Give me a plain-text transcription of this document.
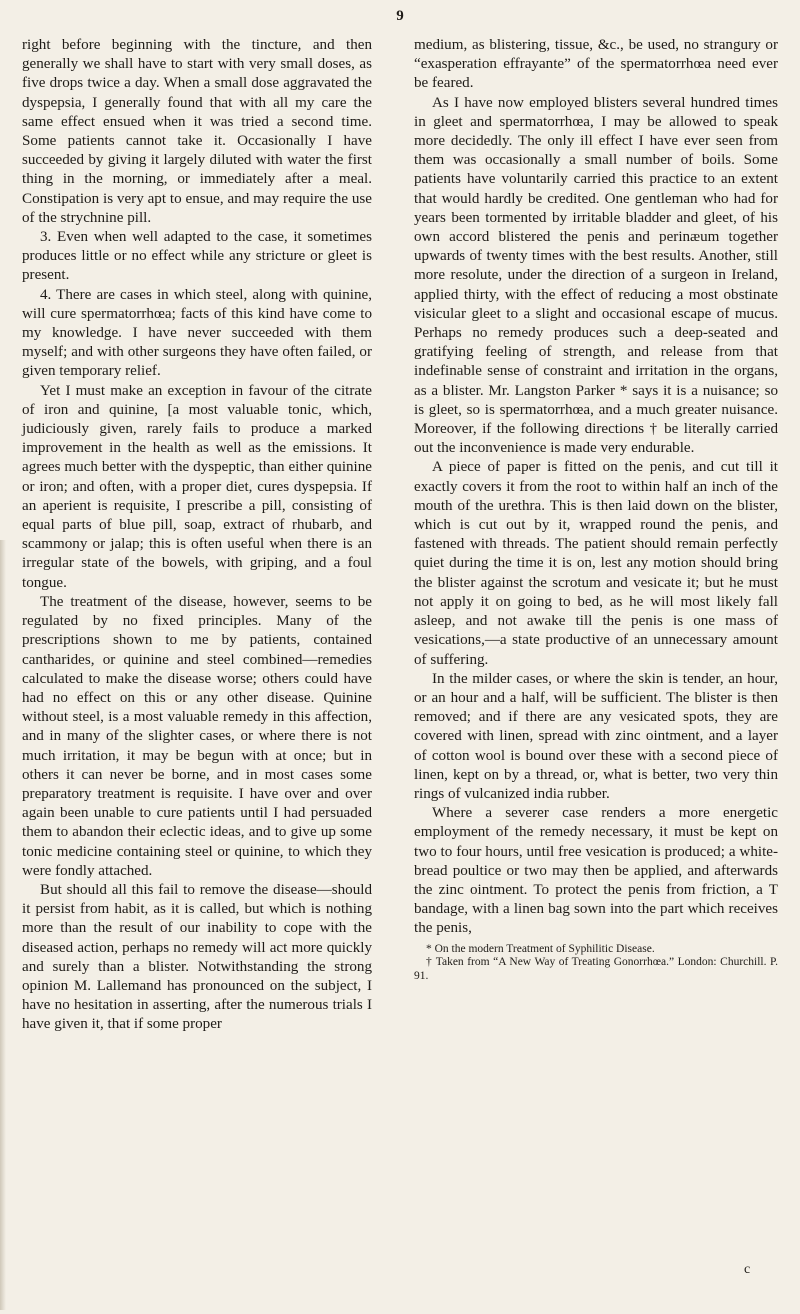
9

right before beginning with the tincture, and then generally we shall have to start with very small doses, as five drops twice a day. When a small dose aggravated the dyspepsia, I generally found that with all my care the same effect ensued when it was tried a second time. Some patients cannot take it. Occasionally I have succeeded by giving it largely diluted with water the first thing in the morning, or immediately after a meal. Constipation is very apt to ensue, and may require the use of the strychnine pill.

3. Even when well adapted to the case, it sometimes produces little or no effect while any stricture or gleet is present.

4. There are cases in which steel, along with quinine, will cure spermatorrhœa; facts of this kind have come to my knowledge. I have never succeeded with them myself; and with other surgeons they have often failed, or given temporary relief.

Yet I must make an exception in favour of the citrate of iron and quinine, [a most valuable tonic, which, judiciously given, rarely fails to produce a marked improvement in the health as well as the emissions. It agrees much better with the dyspeptic, than either quinine or iron; and often, with a proper diet, cures dyspepsia. If an aperient is requisite, I prescribe a pill, consisting of equal parts of blue pill, soap, extract of rhubarb, and scammony or jalap; this is often useful when there is an irregular state of the bowels, with griping, and a foul tongue.

The treatment of the disease, however, seems to be regulated by no fixed principles. Many of the prescriptions shown to me by patients, contained cantharides, or quinine and steel combined—remedies calculated to make the disease worse; others could have had no effect on this or any other disease. Quinine without steel, is a most valuable remedy in this affection, and in many of the slighter cases, or where there is not much irritation, it may be begun with at once; but in others it can never be borne, and in most cases some preparatory treatment is requisite. I have over and over again been unable to cure patients until I had persuaded them to abandon their eclectic ideas, and to give up some tonic medicine containing steel or quinine, to which they were fondly attached.

But should all this fail to remove the disease—should it persist from habit, as it is called, but which is nothing more than the result of our inability to cope with the diseased action, perhaps no remedy will act more quickly and surely than a blister. Notwithstanding the strong opinion M. Lallemand has pronounced on the subject, I have no hesitation in asserting, after the numerous trials I have given it, that if some proper

medium, as blistering, tissue, &c., be used, no strangury or “exasperation effrayante” of the spermatorrhœa need ever be feared.

As I have now employed blisters several hundred times in gleet and spermatorrhœa, I may be allowed to speak more decidedly. The only ill effect I have ever seen from them was occasionally a small number of boils. Some patients have voluntarily carried this practice to an extent that would hardly be credited. One gentleman who had for years been tormented by irritable bladder and gleet, of his own accord blistered the penis and perinæum together upwards of twenty times with the best results. Another, still more resolute, under the direction of a surgeon in Ireland, applied thirty, with the effect of reducing a most obstinate visicular gleet to a slight and occasional escape of mucus. Perhaps no remedy produces such a deep-seated and gratifying feeling of strength, and release from that indefinable sense of constraint and irritation in the organs, as a blister. Mr. Langston Parker * says it is a nuisance; so is gleet, so is spermatorrhœa, and a much greater nuisance. Moreover, if the following directions † be literally carried out the inconvenience is made very endurable.

A piece of paper is fitted on the penis, and cut till it exactly covers it from the root to within half an inch of the mouth of the urethra. This is then laid down on the blister, which is cut out by it, wrapped round the penis, and fastened with threads. The patient should remain perfectly quiet during the time it is on, lest any motion should bring the blister against the scrotum and vesicate it; but he must not apply it on going to bed, as he will most likely fall asleep, and not awake till the penis is one mass of vesications,—a state productive of an unnecessary amount of suffering.

In the milder cases, or where the skin is tender, an hour, or an hour and a half, will be sufficient. The blister is then removed; and if there are any vesicated spots, they are covered with linen, spread with zinc ointment, and a layer of cotton wool is bound over these with a second piece of linen, kept on by a thread, or, what is better, two very thin rings of vulcanized india rubber.

Where a severer case renders a more energetic employment of the remedy necessary, it must be kept on two to four hours, until free vesication is produced; a white-bread poultice or two may then be applied, and afterwards the zinc ointment. To protect the penis from friction, a T bandage, with a linen bag sown into the part which receives the penis,

* On the modern Treatment of Syphilitic Disease.

† Taken from “A New Way of Treating Gonorrhœa.” London: Churchill. P. 91.

c
